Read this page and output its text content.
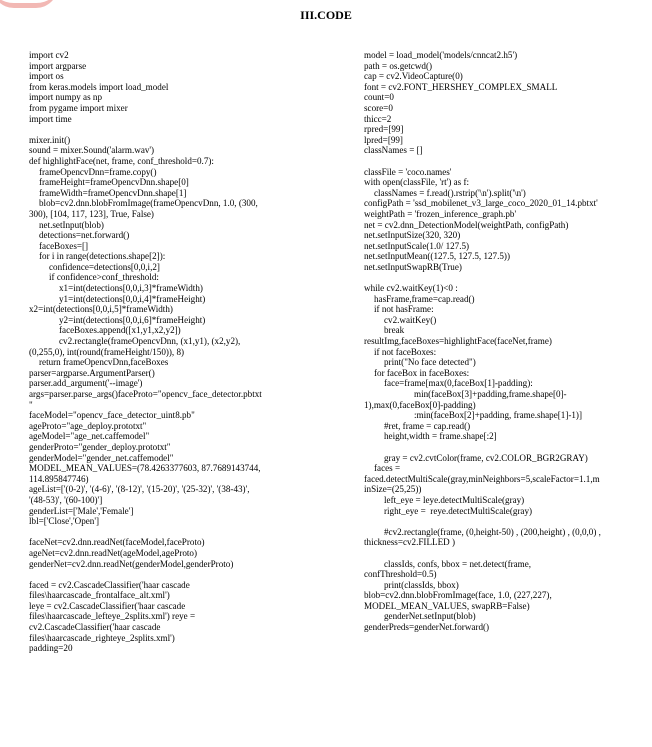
III.CODE
import cv2
import argparse
import os
from keras.models import load_model
import numpy as np
from pygame import mixer
import time
mixer.init()
sound = mixer.Sound('alarm.wav')
def highlightFace(net, frame, conf_threshold=0.7):
frameOpencvDnn=frame.copy()
frameHeight=frameOpencvDnn.shape[0]
frameWidth=frameOpencvDnn.shape[1]
blob=cv2.dnn.blobFromImage(frameOpencvDnn, 1.0, (300,
300), [104, 117, 123], True, False)
net.setInput(blob)
detections=net.forward()
faceBoxes=[]
for i in range(detections.shape[2]):
confidence=detections[0,0,i,2]
if confidence>conf_threshold:
x1=int(detections[0,0,i,3]*frameWidth)
y1=int(detections[0,0,i,4]*frameHeight)
x2=int(detections[0,0,i,5]*frameWidth)
y2=int(detections[0,0,i,6]*frameHeight)
faceBoxes.append([x1,y1,x2,y2])
cv2.rectangle(frameOpencvDnn, (x1,y1), (x2,y2),
(0,255,0), int(round(frameHeight/150)), 8)
return frameOpencvDnn,faceBoxes
parser=argparse.ArgumentParser()
parser.add_argument('--image')
args=parser.parse_args()faceProto="opencv_face_detector.pbtxt
"
faceModel="opencv_face_detector_uint8.pb"
ageProto="age_deploy.prototxt"
ageModel="age_net.caffemodel"
genderProto="gender_deploy.prototxt"
genderModel="gender_net.caffemodel"
MODEL_MEAN_VALUES=(78.4263377603, 87.7689143744,
114.895847746)
ageList=['(0-2)', '(4-6)', '(8-12)', '(15-20)', '(25-32)', '(38-43)',
'(48-53)', '(60-100)']
genderList=['Male','Female']
lbl=['Close','Open']
faceNet=cv2.dnn.readNet(faceModel,faceProto)
ageNet=cv2.dnn.readNet(ageModel,ageProto)
genderNet=cv2.dnn.readNet(genderModel,genderProto)
faced = cv2.CascadeClassifier('haar cascade
files\haarcascade_frontalface_alt.xml')
leye = cv2.CascadeClassifier('haar cascade
files\haarcascade_lefteye_2splits.xml') reye =
cv2.CascadeClassifier('haar cascade
files\haarcascade_righteye_2splits.xml')
padding=20
model = load_model('models/cnncat2.h5')
path = os.getcwd()
cap = cv2.VideoCapture(0)
font = cv2.FONT_HERSHEY_COMPLEX_SMALL
count=0
score=0
thicc=2
rpred=[99]
lpred=[99]
classNames = []
classFile = 'coco.names'
with open(classFile, 'rt') as f:
classNames = f.read().rstrip('\n').split('\n')
configPath = 'ssd_mobilenet_v3_large_coco_2020_01_14.pbtxt'
weightPath = 'frozen_inference_graph.pb'
net = cv2.dnn_DetectionModel(weightPath, configPath)
net.setInputSize(320, 320)
net.setInputScale(1.0/ 127.5)
net.setInputMean((127.5, 127.5, 127.5))
net.setInputSwapRB(True)
while cv2.waitKey(1)<0 :
hasFrame,frame=cap.read()
if not hasFrame:
cv2.waitKey()
break
resultImg,faceBoxes=highlightFace(faceNet,frame)
if not faceBoxes:
print("No face detected")
for faceBox in faceBoxes:
face=frame[max(0,faceBox[1]-padding):
min(faceBox[3]+padding,frame.shape[0]-
1),max(0,faceBox[0]-padding)
:min(faceBox[2]+padding, frame.shape[1]-1)]
#ret, frame = cap.read()
height,width = frame.shape[:2]
gray = cv2.cvtColor(frame, cv2.COLOR_BGR2GRAY)
faces =
faced.detectMultiScale(gray,minNeighbors=5,scaleFactor=1.1,m
inSize=(25,25))
left_eye = leye.detectMultiScale(gray)
right_eye =  reye.detectMultiScale(gray)
#cv2.rectangle(frame, (0,height-50) , (200,height) , (0,0,0) ,
thickness=cv2.FILLED )
classIds, confs, bbox = net.detect(frame,
confThreshold=0.5)
print(classIds, bbox)
blob=cv2.dnn.blobFromImage(face, 1.0, (227,227),
MODEL_MEAN_VALUES, swapRB=False)
genderNet.setInput(blob)
genderPreds=genderNet.forward()
